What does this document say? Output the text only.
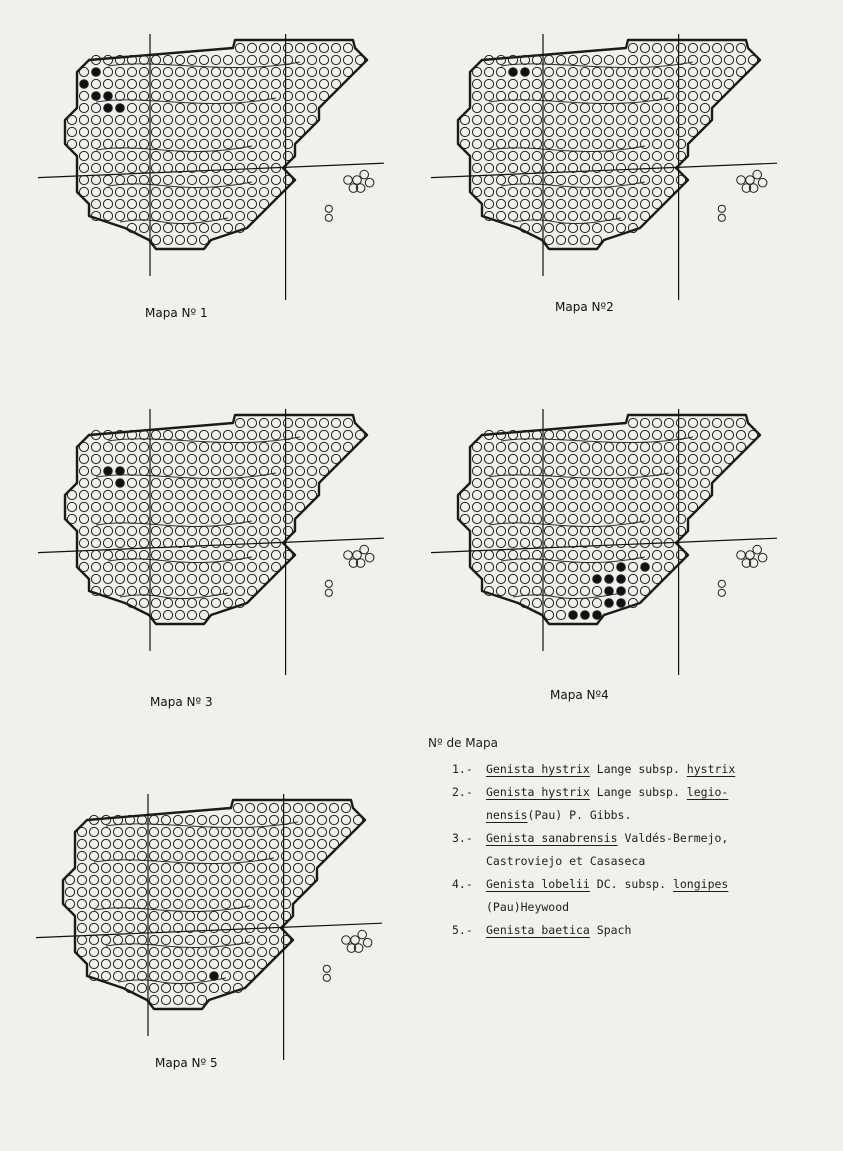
Mapa Nº 1	Mapa Nº2
Mapa Nº 3	Mapa Nº4
Mapa Nº 5
Nº de Mapa
1.- Genista hystrix Lange subsp. hystrix
2.- Genista hystrix Lange subsp. legio-
nensis(Pau) P. Gibbs.
3.- Genista sanabrensis Valdés-Bermejo,
Castroviejo et Casaseca
4.- Genista lobelii DC. subsp. longipes
(Pau)Heywood
5.- Genista baetica Spach
